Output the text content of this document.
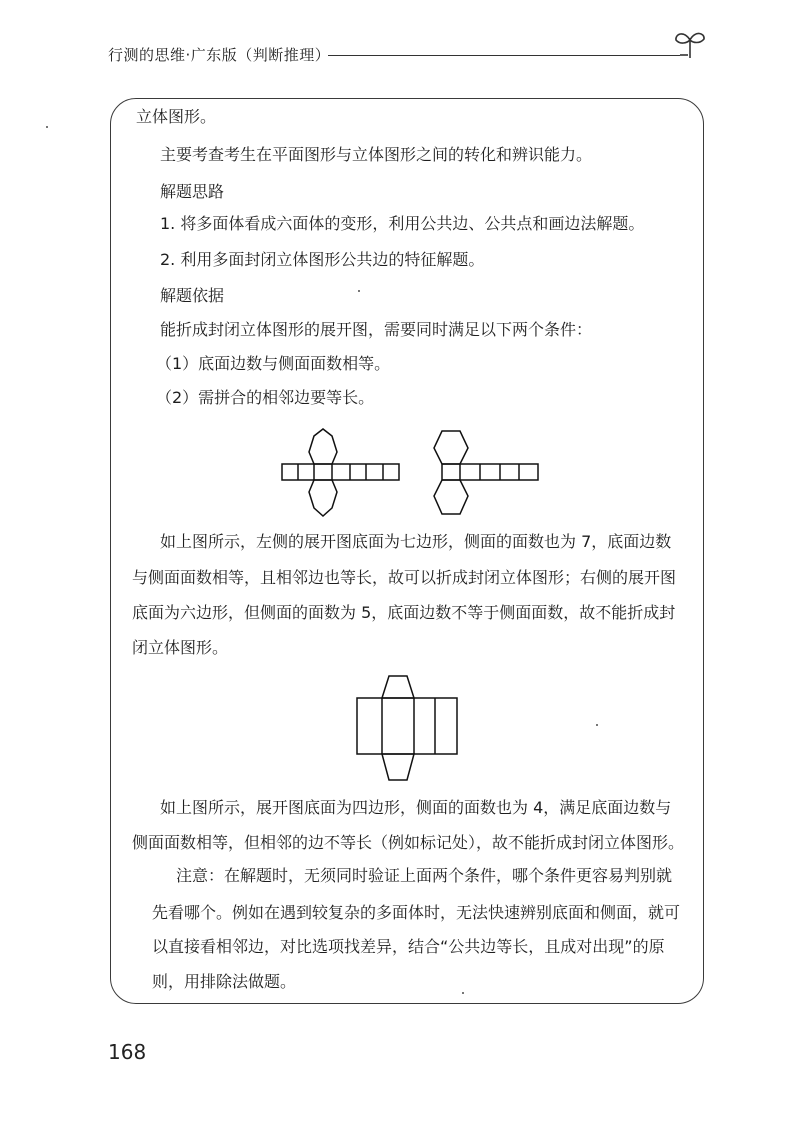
行测的思维·广东版（判断推理）
立体图形。
主要考查考生在平面图形与立体图形之间的转化和辨识能力。
解题思路
1. 将多面体看成六面体的变形，利用公共边、公共点和画边法解题。
2. 利用多面封闭立体图形公共边的特征解题。
解题依据
能折成封闭立体图形的展开图，需要同时满足以下两个条件：
（1）底面边数与侧面面数相等。
（2）需拼合的相邻边要等长。
如上图所示，左侧的展开图底面为七边形，侧面的面数也为 7，底面边数
与侧面面数相等，且相邻边也等长，故可以折成封闭立体图形；右侧的展开图
底面为六边形，但侧面的面数为 5，底面边数不等于侧面面数，故不能折成封
闭立体图形。
如上图所示，展开图底面为四边形，侧面的面数也为 4，满足底面边数与
侧面面数相等，但相邻的边不等长（例如标记处），故不能折成封闭立体图形。
注意：在解题时，无须同时验证上面两个条件，哪个条件更容易判别就
先看哪个。例如在遇到较复杂的多面体时，无法快速辨别底面和侧面，就可
以直接看相邻边，对比选项找差异，结合“公共边等长，且成对出现”的原
则，用排除法做题。
168
